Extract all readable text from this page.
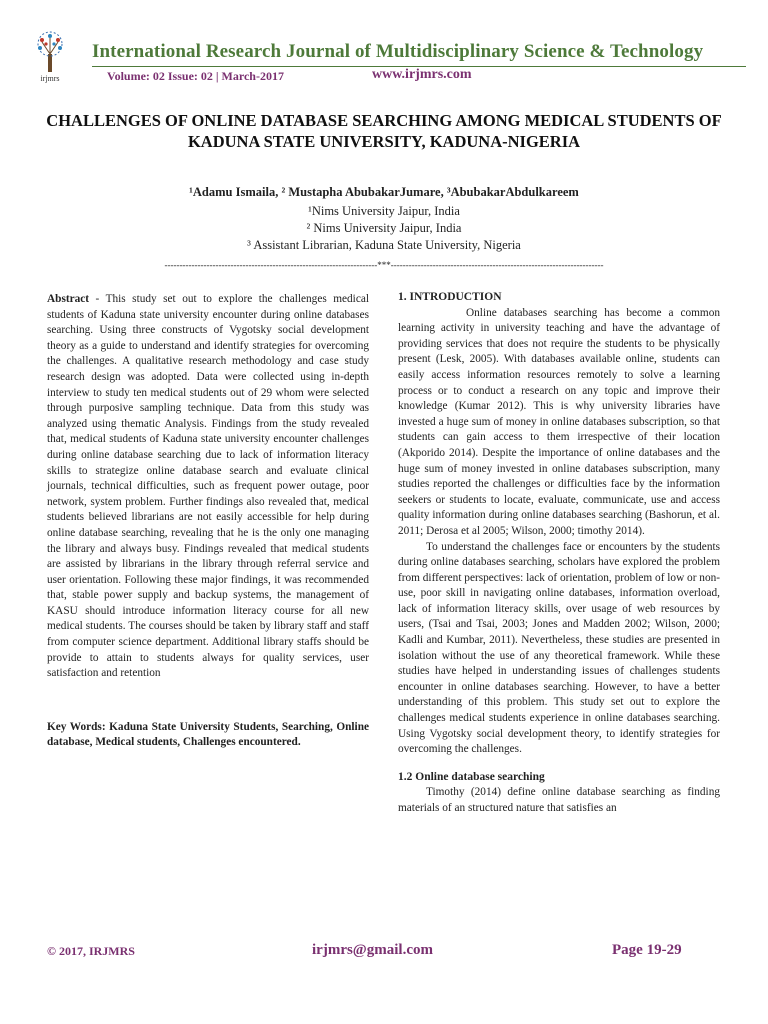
irjmrs
International Research Journal of Multidisciplinary Science & Technology
Volume: 02 Issue: 02 | March-2017	www.irjmrs.com
CHALLENGES OF ONLINE DATABASE SEARCHING AMONG MEDICAL STUDENTS OF KADUNA STATE UNIVERSITY, KADUNA-NIGERIA
¹Adamu Ismaila, ² Mustapha AbubakarJumare, ³AbubakarAbdulkareem
¹Nims University Jaipur, India
² Nims University Jaipur, India
³ Assistant Librarian, Kaduna State University, Nigeria
-----------------------------------------------------------------------***-----------------------------------------------------------------------

Abstract - This study set out to explore the challenges medical students of Kaduna state university encounter during online databases searching. Using three constructs of Vygotsky social development theory as a guide to understand and identify strategies for overcoming the challenges. A qualitative research methodology and case study research design was adopted. Data were collected using in-depth interview to study ten medical students out of 29 whom were selected through purposive sampling technique. Data from this study was analyzed using thematic Analysis. Findings from the study revealed that, medical students of Kaduna state university encounter challenges during online database searching due to lack of information literacy skills to strategize online database search and evaluate clinical journals, technical difficulties, such as frequent power outage, poor network, system problem. Further findings also revealed that, medical students believed librarians are not easily accessible for help during online database searching, revealing that he is the only one managing the library and always busy. Findings revealed that medical students are assisted by librarians in the library through referral service and user orientation. Following these major findings, it was recommended that, stable power supply and backup systems, the management of KASU should introduce information literacy course for all new medical students. The courses should be taken by library staff and staff from computer science department. Additional library staffs should be provide to attain to students always for quality services, user satisfaction and retention

Key Words: Kaduna State University Students, Searching, Online database, Medical students, Challenges encountered.

1. INTRODUCTION

Online databases searching has become a common learning activity in university teaching and have the advantage of providing services that does not require the students to be physically present (Lesk, 2005). With databases available online, students can easily access information resources remotely to solve a learning process or to conduct a research on any topic and improve their knowledge (Kumar 2012). This is why university libraries have invested a huge sum of money in online databases subscription, so that students can gain access to them irrespective of their location (Akporido 2014). Despite the importance of online databases and the huge sum of money invested in online databases subscription, many studies reported the challenges or difficulties face by the information seekers or students to locate, evaluate, communicate, use and access quality information during online databases searching (Bashorun, et al. 2011; Derosa et al 2005; Wilson, 2000; timothy 2014).

To understand the challenges face or encounters by the students during online databases searching, scholars have explored the problem from different perspectives: lack of orientation, problem of low or non-use, poor skill in navigating online databases, information overload, lack of information literacy skills, over usage of web resources by users, (Tsai and Tsai, 2003; Jones and Madden 2002; Wilson, 2000; Kadli and Kumbar, 2011). Nevertheless, these studies are presented in isolation without the use of any theoretical framework. While these studies have helped in understanding issues of challenges students encounter in online databases searching. However, to have a better understanding of this problem. This study set out to explore the challenges medical students experience in online databases searching. Using Vygotsky social development theory, to identify strategies for overcoming the challenges.

1.2 Online database searching

Timothy (2014) define online database searching as finding materials of an structured nature that satisfies an

© 2017, IRJMRS	irjmrs@gmail.com	Page 19-29
